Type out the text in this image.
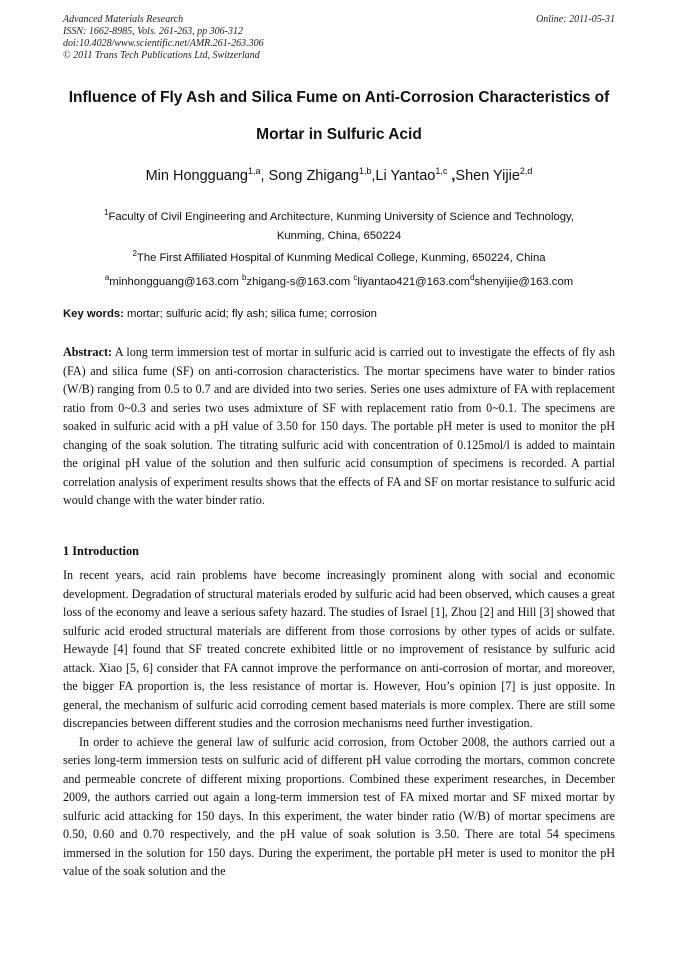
Advanced Materials Research
ISSN: 1662-8985, Vols. 261-263, pp 306-312
doi:10.4028/www.scientific.net/AMR.261-263.306
© 2011 Trans Tech Publications Ltd, Switzerland
Online: 2011-05-31
Influence of Fly Ash and Silica Fume on Anti-Corrosion Characteristics of
Mortar in Sulfuric Acid
Min Hongguang$^{1,a}$, Song Zhigang$^{1,b}$,Li Yantao$^{1,c}$ ,Shen Yijie$^{2,d}$
$^1$Faculty of Civil Engineering and Architecture, Kunming University of Science and Technology,
Kunming, China, 650224
$^2$The First Affiliated Hospital of Kunming Medical College, Kunming, 650224, China
$^a$minhongguang@163.com $^b$zhigang-s@163.com $^c$liyantao421@163.com$^d$shenyijie@163.com
Key words: mortar; sulfuric acid; fly ash; silica fume; corrosion
Abstract: A long term immersion test of mortar in sulfuric acid is carried out to investigate the effects of fly ash (FA) and silica fume (SF) on anti-corrosion characteristics. The mortar specimens have water to binder ratios (W/B) ranging from 0.5 to 0.7 and are divided into two series. Series one uses admixture of FA with replacement ratio from 0~0.3 and series two uses admixture of SF with replacement ratio from 0~0.1. The specimens are soaked in sulfuric acid with a pH value of 3.50 for 150 days. The portable pH meter is used to monitor the pH changing of the soak solution. The titrating sulfuric acid with concentration of 0.125mol/l is added to maintain the original pH value of the solution and then sulfuric acid consumption of specimens is recorded. A partial correlation analysis of experiment results shows that the effects of FA and SF on mortar resistance to sulfuric acid would change with the water binder ratio.
1 Introduction

In recent years, acid rain problems have become increasingly prominent along with social and economic development. Degradation of structural materials eroded by sulfuric acid had been observed, which causes a great loss of the economy and leave a serious safety hazard. The studies of Israel [1], Zhou [2] and Hill [3] showed that sulfuric acid eroded structural materials are different from those corrosions by other types of acids or sulfate. Hewayde [4] found that SF treated concrete exhibited little or no improvement of resistance by sulfuric acid attack. Xiao [5, 6] consider that FA cannot improve the performance on anti-corrosion of mortar, and moreover, the bigger FA proportion is, the less resistance of mortar is. However, Hou’s opinion [7] is just opposite. In general, the mechanism of sulfuric acid corroding cement based materials is more complex. There are still some discrepancies between different studies and the corrosion mechanisms need further investigation.

In order to achieve the general law of sulfuric acid corrosion, from October 2008, the authors carried out a series long-term immersion tests on sulfuric acid of different pH value corroding the mortars, common concrete and permeable concrete of different mixing proportions. Combined these experiment researches, in December 2009, the authors carried out again a long-term immersion test of FA mixed mortar and SF mixed mortar by sulfuric acid attacking for 150 days. In this experiment, the water binder ratio (W/B) of mortar specimens are 0.50, 0.60 and 0.70 respectively, and the pH value of soak solution is 3.50. There are total 54 specimens immersed in the solution for 150 days. During the experiment, the portable pH meter is used to monitor the pH value of the soak solution and the
